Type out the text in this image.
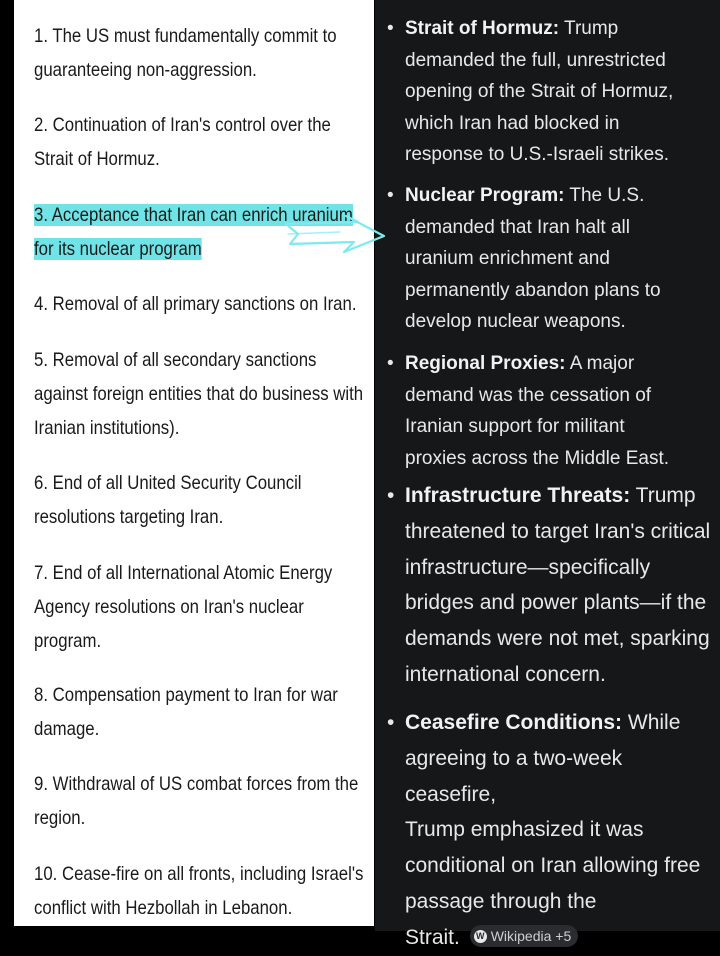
1. The US must fundamentally commit to
guaranteeing non-aggression.
2. Continuation of Iran's control over the
Strait of Hormuz.
3. Acceptance that Iran can enrich uranium
for its nuclear program
4. Removal of all primary sanctions on Iran.
5. Removal of all secondary sanctions
against foreign entities that do business with
Iranian institutions).
6. End of all United Security Council
resolutions targeting Iran.
7. End of all International Atomic Energy
Agency resolutions on Iran's nuclear
program.
8. Compensation payment to Iran for war
damage.
9. Withdrawal of US combat forces from the
region.
10. Cease-fire on all fronts, including Israel's
conflict with Hezbollah in Lebanon.
• Strait of Hormuz: Trump
demanded the full, unrestricted
opening of the Strait of Hormuz,
which Iran had blocked in
response to U.S.-Israeli strikes.
• Nuclear Program: The U.S.
demanded that Iran halt all
uranium enrichment and
permanently abandon plans to
develop nuclear weapons.
• Regional Proxies: A major
demand was the cessation of
Iranian support for militant
proxies across the Middle East.
• Infrastructure Threats: Trump
threatened to target Iran's critical
infrastructure—specifically
bridges and power plants—if the
demands were not met, sparking
international concern.
• Ceasefire Conditions: While
agreeing to a two-week ceasefire,
Trump emphasized it was
conditional on Iran allowing free
passage through the
Strait. W Wikipedia +5
